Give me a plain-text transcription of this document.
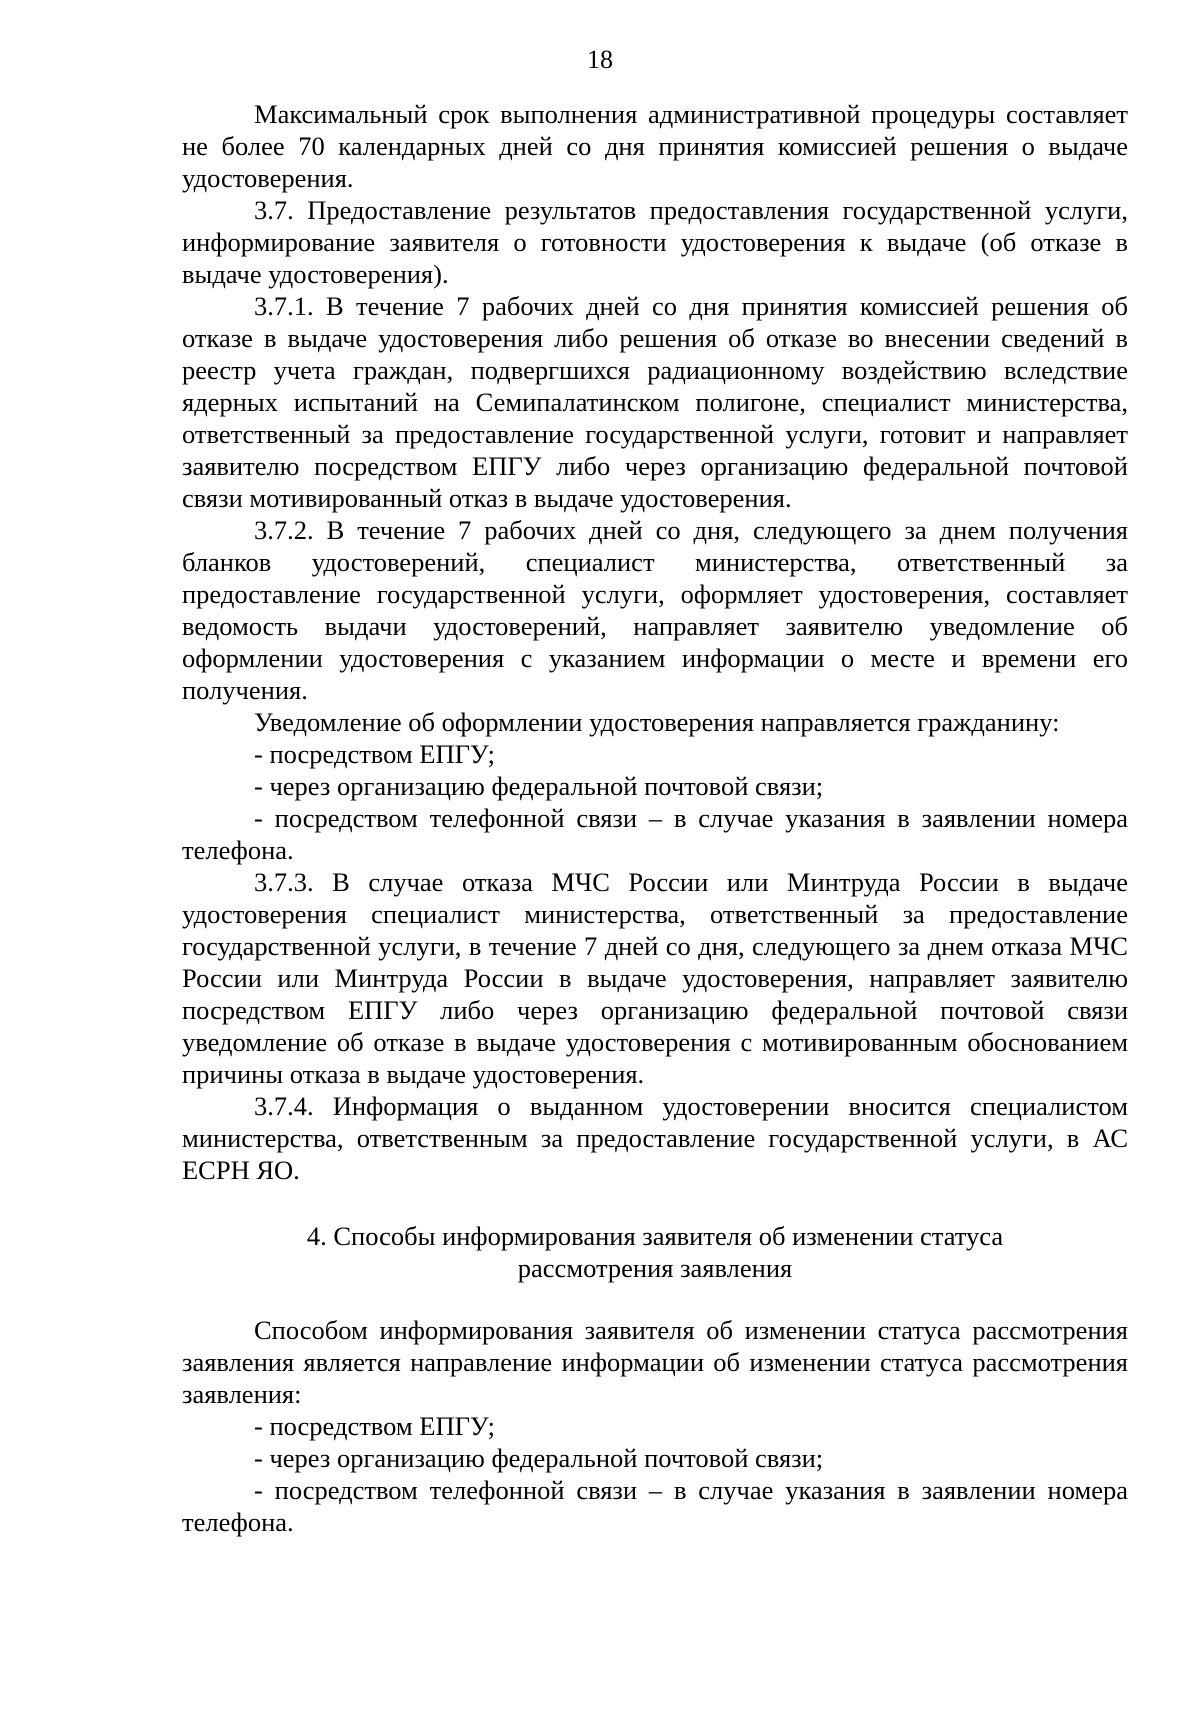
18

Максимальный срок выполнения административной процедуры составляет не более 70 календарных дней со дня принятия комиссией решения о выдаче удостоверения.

3.7. Предоставление результатов предоставления государственной услуги, информирование заявителя о готовности удостоверения к выдаче (об отказе в выдаче удостоверения).

3.7.1. В течение 7 рабочих дней со дня принятия комиссией решения об отказе в выдаче удостоверения либо решения об отказе во внесении сведений в реестр учета граждан, подвергшихся радиационному воздействию вследствие ядерных испытаний на Семипалатинском полигоне, специалист министерства, ответственный за предоставление государственной услуги, готовит и направляет заявителю посредством ЕПГУ либо через организацию федеральной почтовой связи мотивированный отказ в выдаче удостоверения.

3.7.2. В течение 7 рабочих дней со дня, следующего за днем получения бланков удостоверений, специалист министерства, ответственный за предоставление государственной услуги, оформляет удостоверения, составляет ведомость выдачи удостоверений, направляет заявителю уведомление об оформлении удостоверения с указанием информации о месте и времени его получения.

Уведомление об оформлении удостоверения направляется гражданину:

- посредством ЕПГУ;

- через организацию федеральной почтовой связи;

- посредством телефонной связи – в случае указания в заявлении номера телефона.

3.7.3. В случае отказа МЧС России или Минтруда России в выдаче удостоверения специалист министерства, ответственный за предоставление государственной услуги, в течение 7 дней со дня, следующего за днем отказа МЧС России или Минтруда России в выдаче удостоверения, направляет заявителю посредством ЕПГУ либо через организацию федеральной почтовой связи уведомление об отказе в выдаче удостоверения с мотивированным обоснованием причины отказа в выдаче удостоверения.

3.7.4. Информация о выданном удостоверении вносится специалистом министерства, ответственным за предоставление государственной услуги, в АС ЕСРН ЯО.

4. Способы информирования заявителя об изменении статуса
рассмотрения заявления

Способом информирования заявителя об изменении статуса рассмотрения заявления является направление информации об изменении статуса рассмотрения заявления:

- посредством ЕПГУ;

- через организацию федеральной почтовой связи;

- посредством телефонной связи – в случае указания в заявлении номера телефона.
